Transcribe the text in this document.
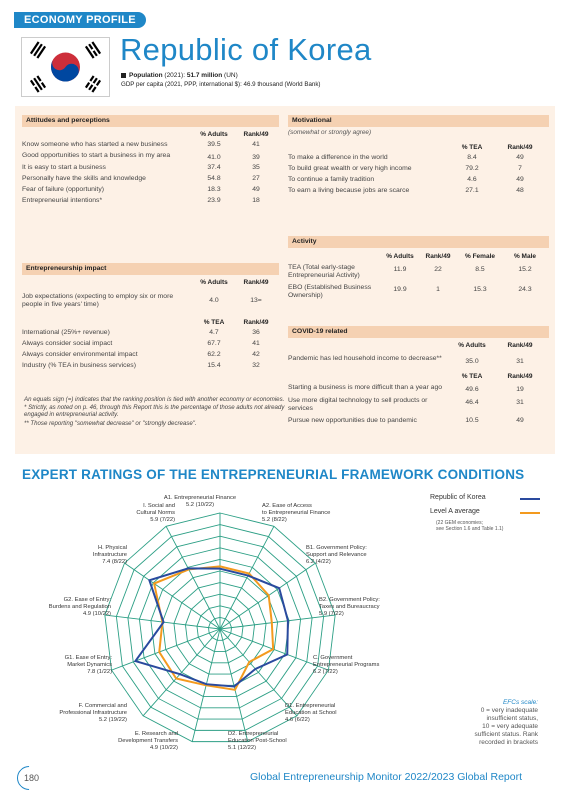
ECONOMY PROFILE
Republic of Korea
Population (2021): 51.7 million (UN)
GDP per capita (2021, PPP, international $): 46.9 thousand (World Bank)
Attitudes and perceptions
	% Adults	Rank/49
Know someone who has started a new business	39.5	41
Good opportunities to start a business in my area	41.0	39
It is easy to start a business	37.4	35
Personally have the skills and knowledge	54.8	27
Fear of failure (opportunity)	18.3	49
Entrepreneurial intentions*	23.9	18
Entrepreneurship impact
	% Adults	Rank/49
Job expectations (expecting to employ six or more people in five years' time)	4.0	13=
	% TEA	Rank/49
International (25%+ revenue)	4.7	36
Always consider social impact	67.7	41
Always consider environmental impact	62.2	42
Industry (% TEA in business services)	15.4	32
An equals sign (=) indicates that the ranking position is tied with another economy or economies.
* Strictly, as noted on p. 46, through this Report this is the percentage of those adults not already engaged in entrepreneurial activity.
** Those reporting "somewhat decrease" or "strongly decrease".
Motivational
(somewhat or strongly agree)
	% TEA	Rank/49
To make a difference in the world	8.4	49
To build great wealth or very high income	79.2	7
To continue a family tradition	4.6	49
To earn a living because jobs are scarce	27.1	48
Activity
	% Adults	Rank/49	% Female	% Male
TEA (Total early-stage Entrepreneurial Activity)	11.9	22	8.5	15.2
EBO (Established Business Ownership)	19.9	1	15.3	24.3
COVID-19 related
	% Adults	Rank/49
Pandemic has led household income to decrease**	35.0	31
	% TEA	Rank/49
Starting a business is more difficult than a year ago	49.6	19
Use more digital technology to sell products or services	46.4	31
Pursue new opportunities due to pandemic	10.5	49
EXPERT RATINGS OF THE ENTREPRENEURIAL FRAMEWORK CONDITIONS
A1. Entrepreneurial Finance
5.2 (10/22)	A2. Ease of Access
to Entrepreneurial Finance
5.2 (8/22)
B1. Government Policy:
Support and Relevance
6.2 (4/22)
B2. Government Policy:
Taxes and Bureaucracy
5.9 (7/22)
C. Government
Entrepreneurial Programs
6.2 (7/22)
D1. Entrepreneurial
Education at School
4.6 (6/22)
D2. Entrepreneurial
Education Post-School
5.1 (12/22)
E. Research and
Development Transfers
4.9 (10/22)
F. Commercial and
Professional Infrastructure
5.2 (19/22)
G1. Ease of Entry:
Market Dynamics
7.8 (1/22)
G2. Ease of Entry:
Burdens and Regulation
4.9 (10/22)
H. Physical
Infrastructure
7.4 (8/22)
I. Social and
Cultural Norms
5.9 (7/22)
Republic of Korea
Level A average
(22 GEM economies;
see Section 1.6 and Table 1.1)
EFCs scale:
0 = very inadequate
insufficient status,
10 = very adequate
sufficient status. Rank
recorded in brackets
180	Global Entrepreneurship Monitor 2022/2023 Global Report
